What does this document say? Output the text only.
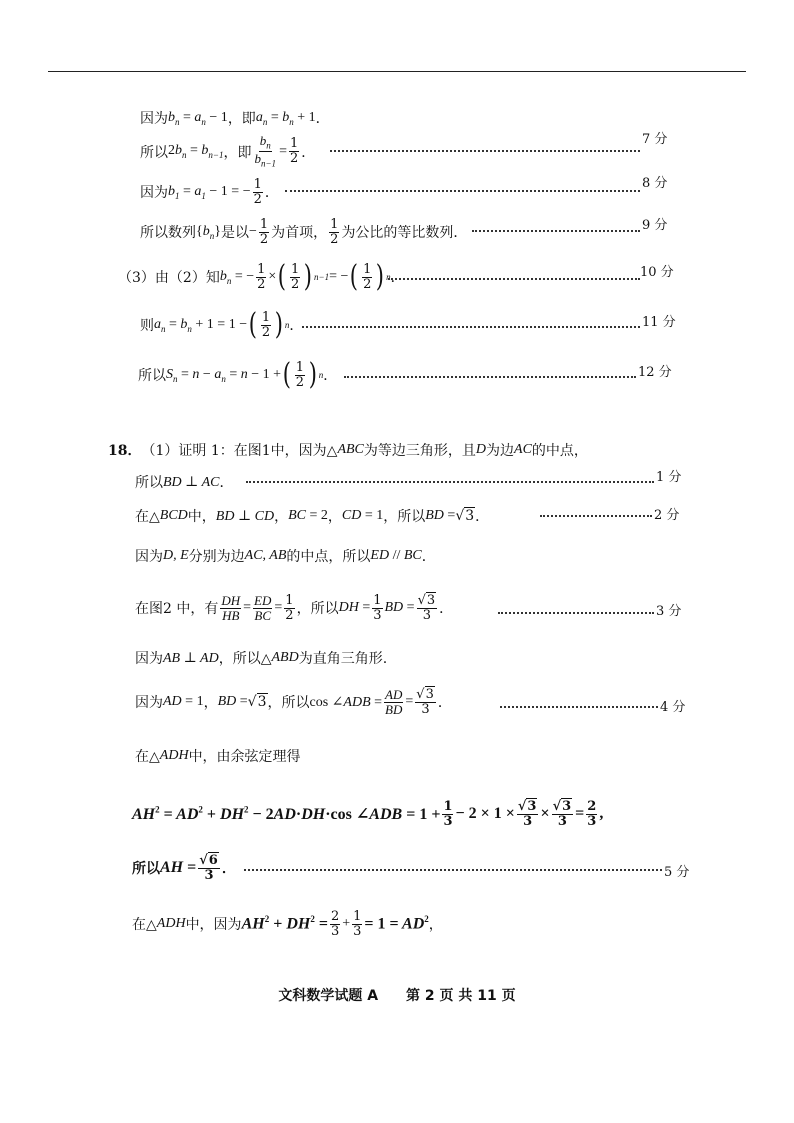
因为 $b_n = a_n - 1$ ，即 $a_n = b_n + 1$ ．
所以 $2b_n = b_{n-1}$ ，即 $\frac{b_n}{b_{n-1}} = \frac{1}{2}$ ．
7 分
因为 $b_1 = a_1 - 1$ = − $\frac{1}{2}$ ．
8 分
所以数列 $\{b_n\}$ 是以 − $\frac{1}{2}$ 为首项， $\frac{1}{2}$ 为公比的等比数列．	9 分
（3）由（2）知 $b_n$ = − $\frac{1}{2}$ × ( $\frac{1}{2}$ ) n−1 = − ( $\frac{1}{2}$ ) n ．	10 分
则 $a_n = b_n + 1 = 1$ − ( $\frac{1}{2}$ ) n ．	11 分
所以 $S_n = n - a_n = n - 1$ + ( $\frac{1}{2}$ ) n ．	12 分
18． （1）证明 1：在图1中，因为△ ABC 为等边三角形，且 D 为边 AC 的中点，
所以 BD ⊥ AC ．	1 分
在△ BCD 中， BD ⊥ CD ， BC = 2 ， CD = 1 ，所以 BD = √3 ．	2 分
因为 D, E 分别为边 AC, AB 的中点，所以 ED // BC ．
在图2 中，有 $\frac{DH}{HB} = \frac{ED}{BC} = \frac{1}{2}$ ，所以 DH = $\frac{1}{3}$ BD = $\frac{√3}{3}$ ．	3 分
因为 AB ⊥ AD ，所以△ ABD 为直角三角形.
因为 AD = 1 ， BD = √3 ，所以 cos ∠ADB = $\frac{AD}{BD} = \frac{√3}{3}$ ．	4 分
在△ ADH 中，由余弦定理得
$AH^2 = AD^2 + DH^2 - 2AD\cdot DH\cdot\cos$ ∠ADB = $1 + \frac{1}{3} - 2 \times 1 \times \frac{√3}{3} \times \frac{√3}{3} = \frac{2}{3}$ ,
所以 AH = $\frac{√6}{3}$ ．	5 分
在△ ADH 中，因为 $AH^2 + DH^2 = \frac{2}{3} + \frac{1}{3} = 1 = AD^2$ ，
文科数学试题 A　　第 2 页 共 11 页
